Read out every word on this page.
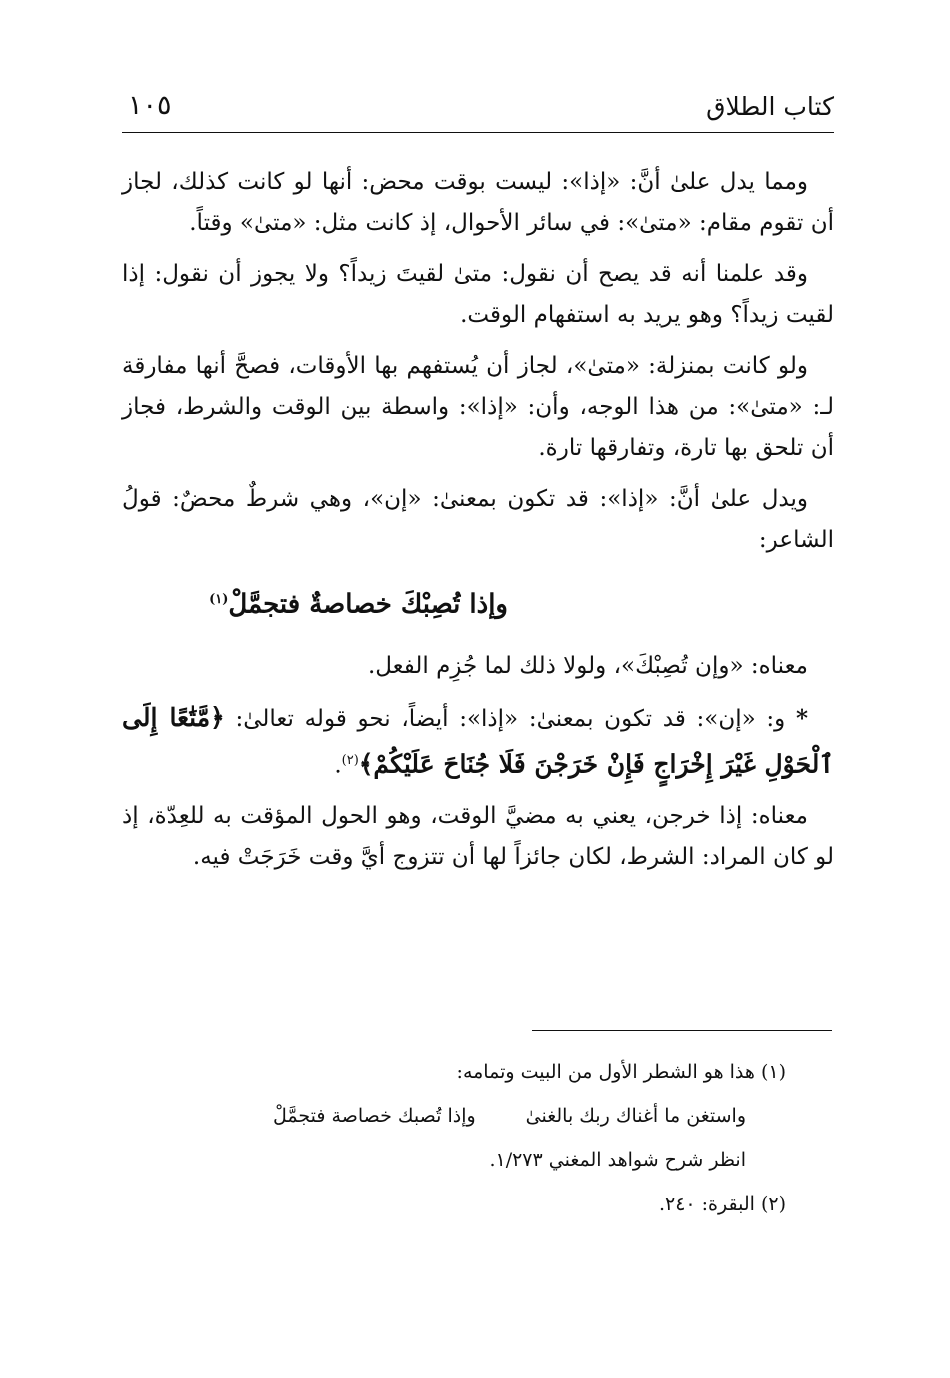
كتاب الطلاق
١٠٥

ومما يدل علىٰ أنَّ: «إذا»: ليست بوقت محض: أنها لو كانت كذلك، لجاز أن تقوم مقام: «متىٰ»: في سائر الأحوال، إذ كانت مثل: «متىٰ» وقتاً.

وقد علمنا أنه قد يصح أن نقول: متىٰ لقيتَ زيداً؟ ولا يجوز أن نقول: إذا لقيت زيداً؟ وهو يريد به استفهام الوقت.

ولو كانت بمنزلة: «متىٰ»، لجاز أن يُستفهم بها الأوقات، فصحَّ أنها مفارقة لـ: «متىٰ»: من هذا الوجه، وأن: «إذا»: واسطة بين الوقت والشرط، فجاز أن تلحق بها تارة، وتفارقها تارة.

ويدل علىٰ أنَّ: «إذا»: قد تكون بمعنىٰ: «إن»، وهي شرطٌ محضٌ: قولُ الشاعر:

وإذا تُصِبْكَ خصاصةٌ فتجمَّلْ$^{(١)}$

معناه: «وإن تُصِبْكَ»، ولولا ذلك لما جُزِم الفعل.

* و: «إن»: قد تكون بمعنىٰ: «إذا»: أيضاً، نحو قوله تعالىٰ: ﴿مَّتَٰعًا إِلَى ٱلْحَوْلِ غَيْرَ إِخْرَاجٍ فَإِنْ خَرَجْنَ فَلَا جُنَاحَ عَلَيْكُمْ﴾$^{(٢)}$.

معناه: إذا خرجن، يعني به مضيَّ الوقت، وهو الحول المؤقت به للعِدّة، إذ لو كان المراد: الشرط، لكان جائزاً لها أن تتزوج أيَّ وقت خَرَجَتْ فيه.

(١) هذا هو الشطر الأول من البيت وتمامه:
واستغن ما أغناك ربك بالغنىٰ
وإذا تُصبك خصاصة فتجمَّلْ
انظر شرح شواهد المغني ١/٢٧٣.
(٢) البقرة: ٢٤٠.
